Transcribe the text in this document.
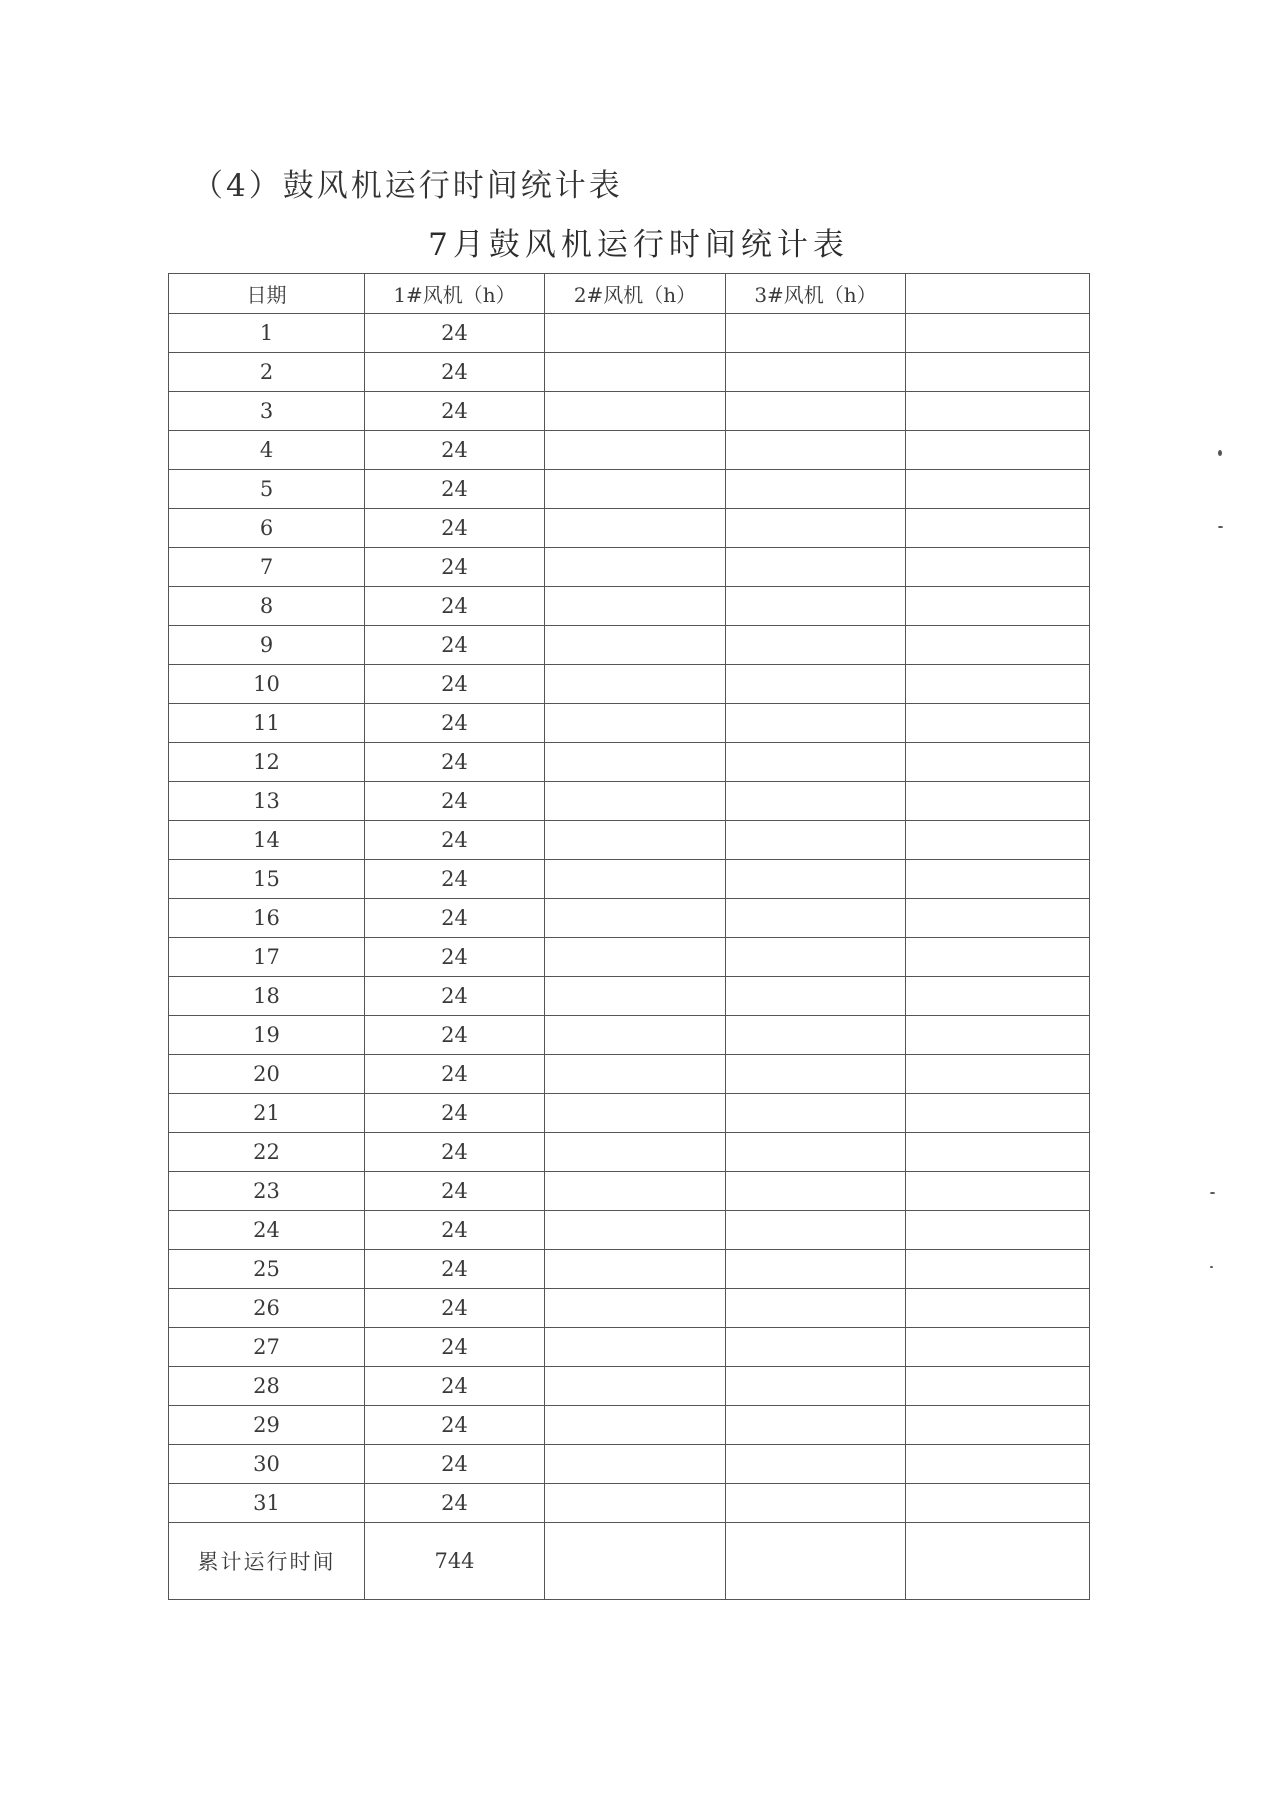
（4）鼓风机运行时间统计表
7月鼓风机运行时间统计表
日期	1#风机（h）	2#风机（h）	3#风机（h）	
1	24			
2	24			
3	24			
4	24			
5	24			
6	24			
7	24			
8	24			
9	24			
10	24			
11	24			
12	24			
13	24			
14	24			
15	24			
16	24			
17	24			
18	24			
19	24			
20	24			
21	24			
22	24			
23	24			
24	24			
25	24			
26	24			
27	24			
28	24			
29	24			
30	24			
31	24			
累计运行时间	744			
